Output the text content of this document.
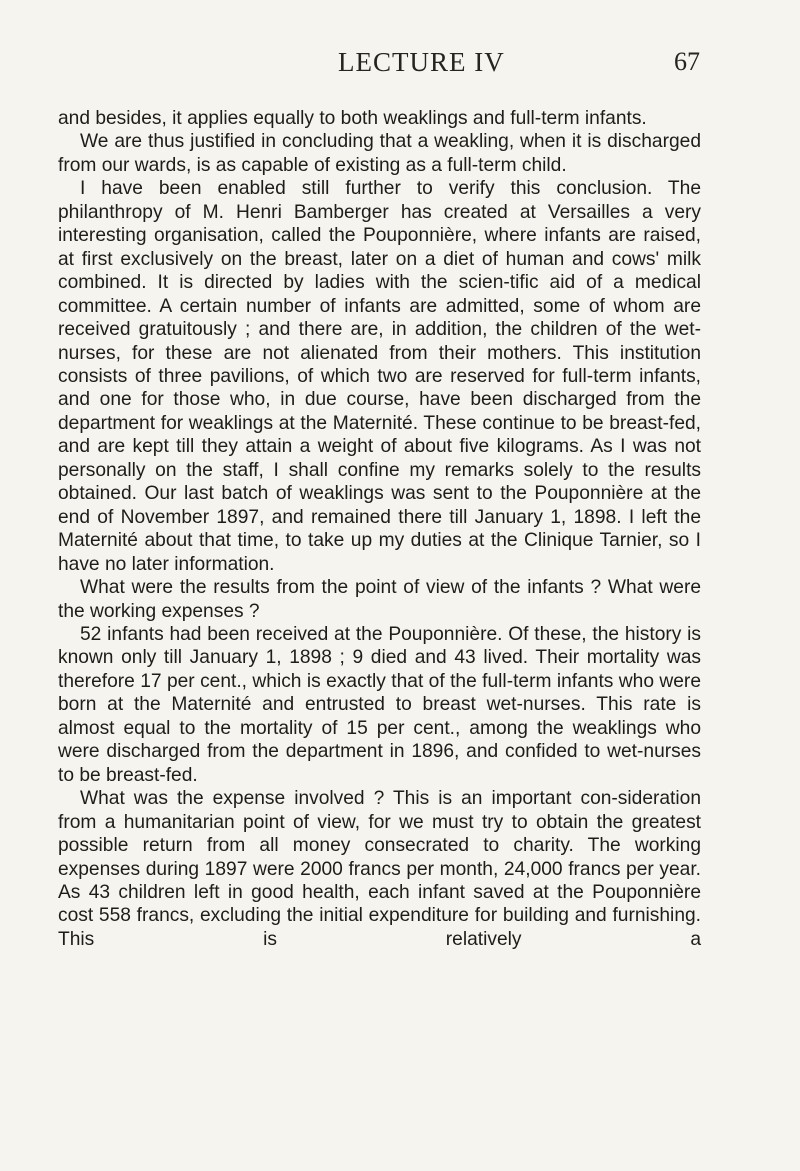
LECTURE IV	67

and besides, it applies equally to both weaklings and full-term infants.

We are thus justified in concluding that a weakling, when it is discharged from our wards, is as capable of existing as a full-term child.

I have been enabled still further to verify this conclusion. The philanthropy of M. Henri Bamberger has created at Versailles a very interesting organisation, called the Pouponnière, where infants are raised, at first exclusively on the breast, later on a diet of human and cows' milk combined. It is directed by ladies with the scien-tific aid of a medical committee. A certain number of infants are admitted, some of whom are received gratuitously ; and there are, in addition, the children of the wet-nurses, for these are not alienated from their mothers. This institution consists of three pavilions, of which two are reserved for full-term infants, and one for those who, in due course, have been discharged from the department for weaklings at the Maternité. These continue to be breast-fed, and are kept till they attain a weight of about five kilograms. As I was not personally on the staff, I shall confine my remarks solely to the results obtained. Our last batch of weaklings was sent to the Pouponnière at the end of November 1897, and remained there till January 1, 1898. I left the Maternité about that time, to take up my duties at the Clinique Tarnier, so I have no later information.

What were the results from the point of view of the infants ? What were the working expenses ?

52 infants had been received at the Pouponnière. Of these, the history is known only till January 1, 1898 ; 9 died and 43 lived. Their mortality was therefore 17 per cent., which is exactly that of the full-term infants who were born at the Maternité and entrusted to breast wet-nurses. This rate is almost equal to the mortality of 15 per cent., among the weaklings who were discharged from the department in 1896, and confided to wet-nurses to be breast-fed.

What was the expense involved ? This is an important con-sideration from a humanitarian point of view, for we must try to obtain the greatest possible return from all money consecrated to charity. The working expenses during 1897 were 2000 francs per month, 24,000 francs per year. As 43 children left in good health, each infant saved at the Pouponnière cost 558 francs, excluding the initial expenditure for building and furnishing. This is relatively a
